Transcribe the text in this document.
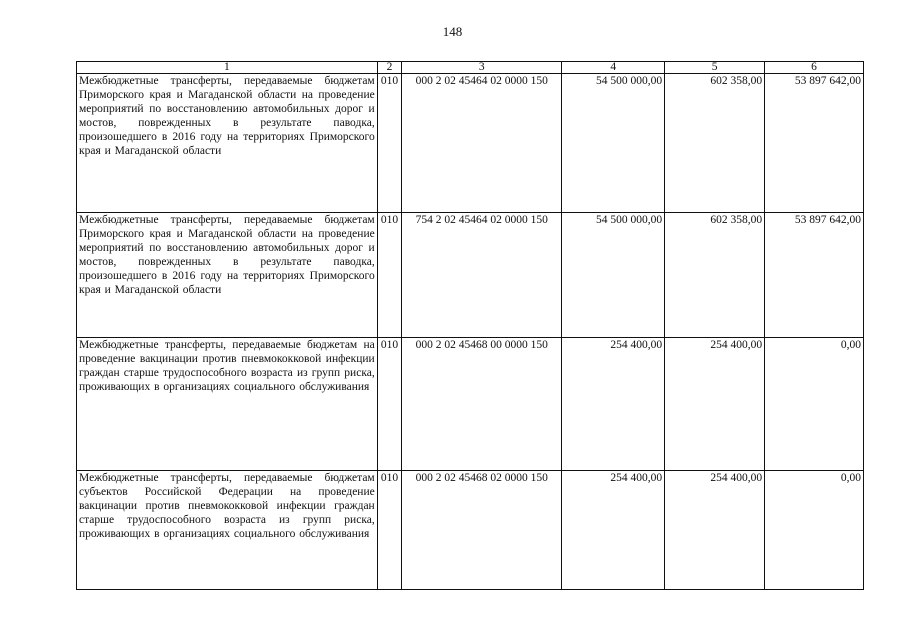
148
1	2	3	4	5	6
Межбюджетные трансферты, передаваемые бюджетам Приморского края и Магаданской области на проведение мероприятий по восстановлению автомобильных дорог и мостов, поврежденных в результате паводка, произошедшего в 2016 году на территориях Приморского края и Магаданской области	010	000 2 02 45464 02 0000 150	54 500 000,00	602 358,00	53 897 642,00
Межбюджетные трансферты, передаваемые бюджетам Приморского края и Магаданской области на проведение мероприятий по восстановлению автомобильных дорог и мостов, поврежденных в результате паводка, произошедшего в 2016 году на территориях Приморского края и Магаданской области	010	754 2 02 45464 02 0000 150	54 500 000,00	602 358,00	53 897 642,00
Межбюджетные трансферты, передаваемые бюджетам на проведение вакцинации против пневмококковой инфекции граждан старше трудоспособного возраста из групп риска, проживающих в организациях социального обслуживания	010	000 2 02 45468 00 0000 150	254 400,00	254 400,00	0,00
Межбюджетные трансферты, передаваемые бюджетам субъектов Российской Федерации на проведение вакцинации против пневмококковой инфекции граждан старше трудоспособного возраста из групп риска, проживающих в организациях социального обслуживания	010	000 2 02 45468 02 0000 150	254 400,00	254 400,00	0,00
